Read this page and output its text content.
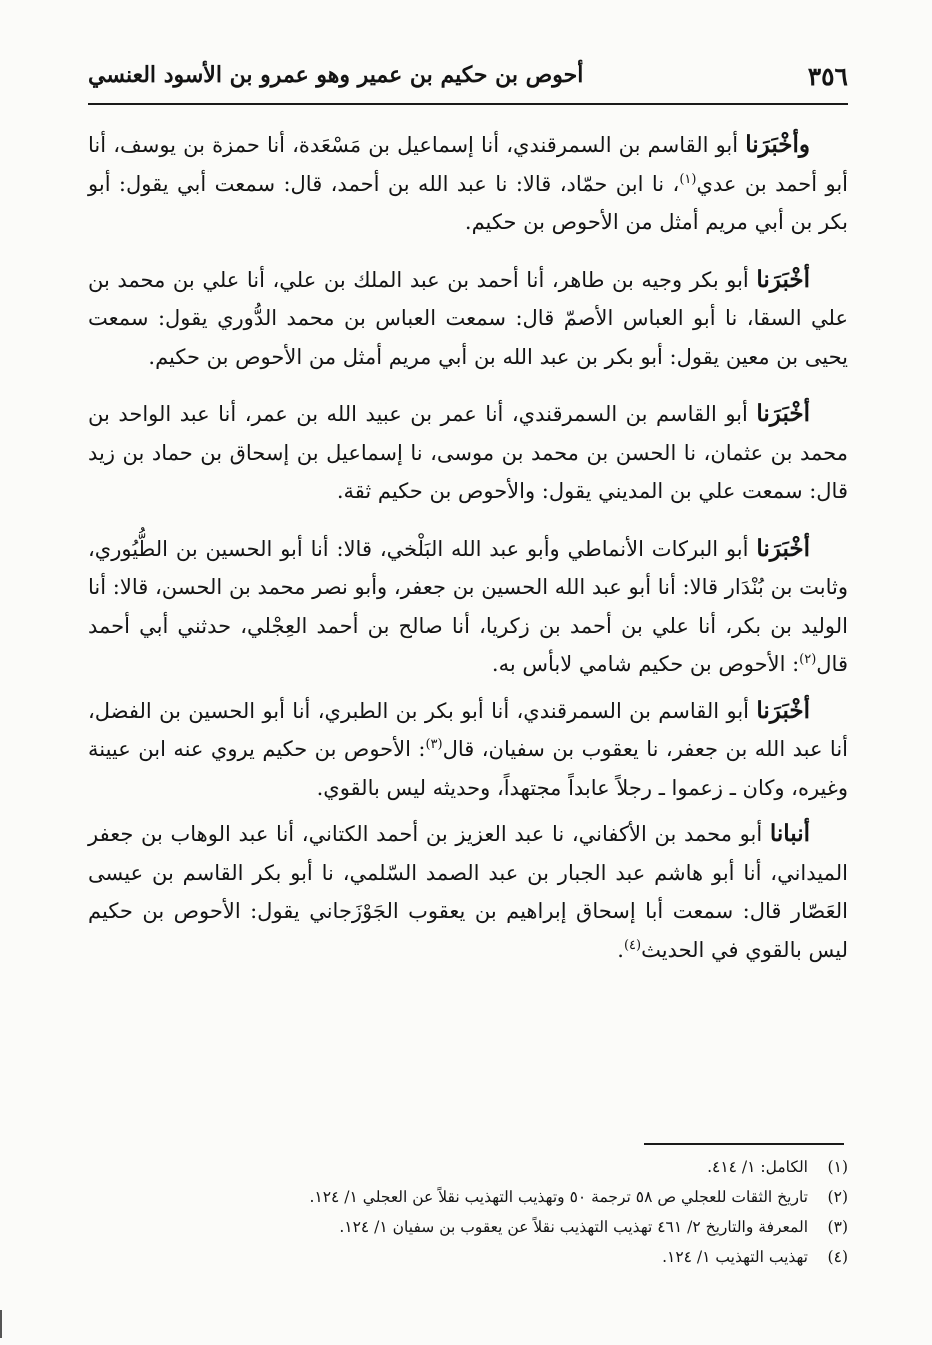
٣٥٦
أحوص بن حكيم بن عمير وهو عمرو بن الأسود العنسي

وأخْبَرَنا أبو القاسم بن السمرقندي، أنا إسماعيل بن مَسْعَدة، أنا حمزة بن يوسف، أنا أبو أحمد بن عدي$^{(١)}$، نا ابن حمّاد، قالا: نا عبد الله بن أحمد، قال: سمعت أبي يقول: أبو بكر بن أبي مريم أمثل من الأحوص بن حكيم.

أخْبَرَنا أبو بكر وجيه بن طاهر، أنا أحمد بن عبد الملك بن علي، أنا علي بن محمد بن علي السقا، نا أبو العباس الأصمّ قال: سمعت العباس بن محمد الدُّوري يقول: سمعت يحيى بن معين يقول: أبو بكر بن عبد الله بن أبي مريم أمثل من الأحوص بن حكيم.

أخْبَرَنا أبو القاسم بن السمرقندي، أنا عمر بن عبيد الله بن عمر، أنا عبد الواحد بن محمد بن عثمان، نا الحسن بن محمد بن موسى، نا إسماعيل بن إسحاق بن حماد بن زيد قال: سمعت علي بن المديني يقول: والأحوص بن حكيم ثقة.

أخْبَرَنا أبو البركات الأنماطي وأبو عبد الله البَلْخي، قالا: أنا أبو الحسين بن الطُّيُوري، وثابت بن بُنْدَار قالا: أنا أبو عبد الله الحسين بن جعفر، وأبو نصر محمد بن الحسن، قالا: أنا الوليد بن بكر، أنا علي بن أحمد بن زكريا، أنا صالح بن أحمد العِجْلي، حدثني أبي أحمد قال$^{(٢)}$: الأحوص بن حكيم شامي لابأس به.

أخْبَرَنا أبو القاسم بن السمرقندي، أنا أبو بكر بن الطبري، أنا أبو الحسين بن الفضل، أنا عبد الله بن جعفر، نا يعقوب بن سفيان، قال$^{(٣)}$: الأحوص بن حكيم يروي عنه ابن عيينة وغيره، وكان ـ زعموا ـ رجلاً عابداً مجتهداً، وحديثه ليس بالقوي.

أنبانا أبو محمد بن الأكفاني، نا عبد العزيز بن أحمد الكتاني، أنا عبد الوهاب بن جعفر الميداني، أنا أبو هاشم عبد الجبار بن عبد الصمد السّلمي، نا أبو بكر القاسم بن عيسى العَصّار قال: سمعت أبا إسحاق إبراهيم بن يعقوب الجَوْزَجاني يقول: الأحوص بن حكيم ليس بالقوي في الحديث$^{(٤)}$.

(١)الكامل: ١/ ٤١٤.
(٢)تاريخ الثقات للعجلي ص ٥٨ ترجمة ٥٠ وتهذيب التهذيب نقلاً عن العجلي ١/ ١٢٤.
(٣)المعرفة والتاريخ ٢/ ٤٦١ تهذيب التهذيب نقلاً عن يعقوب بن سفيان ١/ ١٢٤.
(٤)تهذيب التهذيب ١/ ١٢٤.
